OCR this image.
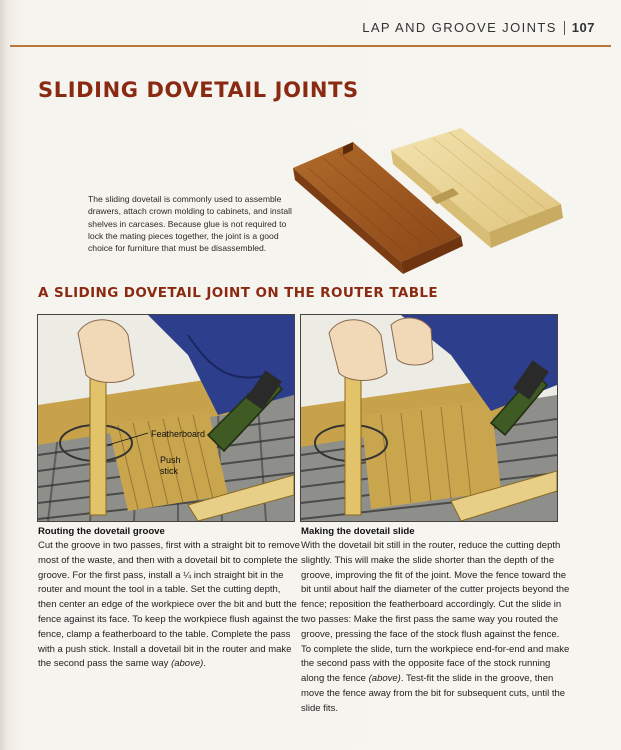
LAP AND GROOVE JOINTS 107
SLIDING DOVETAIL JOINTS
The sliding dovetail is commonly used to assemble drawers, attach crown molding to cabinets, and install shelves in carcases. Because glue is not required to lock the mating pieces together, the joint is a good choice for furniture that must be disassembled.
A SLIDING DOVETAIL JOINT ON THE ROUTER TABLE
Featherboard
Push
stick
Routing the dovetail groove

Cut the groove in two passes, first with a straight bit to remove most of the waste, and then with a dovetail bit to complete the groove. For the first pass, install a ¼ inch straight bit in the router and mount the tool in a table. Set the cutting depth, then center an edge of the workpiece over the bit and butt the fence against its face. To keep the workpiece flush against the fence, clamp a featherboard to the table. Complete the pass with a push stick. Install a dovetail bit in the router and make the second pass the same way (above).

Making the dovetail slide

With the dovetail bit still in the router, reduce the cutting depth slightly. This will make the slide shorter than the depth of the groove, improving the fit of the joint. Move the fence toward the bit until about half the diameter of the cutter projects beyond the fence; reposition the featherboard accordingly. Cut the slide in two passes: Make the first pass the same way you routed the groove, pressing the face of the stock flush against the fence. To complete the slide, turn the workpiece end-for-end and make the second pass with the opposite face of the stock running along the fence (above). Test-fit the slide in the groove, then move the fence away from the bit for subsequent cuts, until the slide fits.
